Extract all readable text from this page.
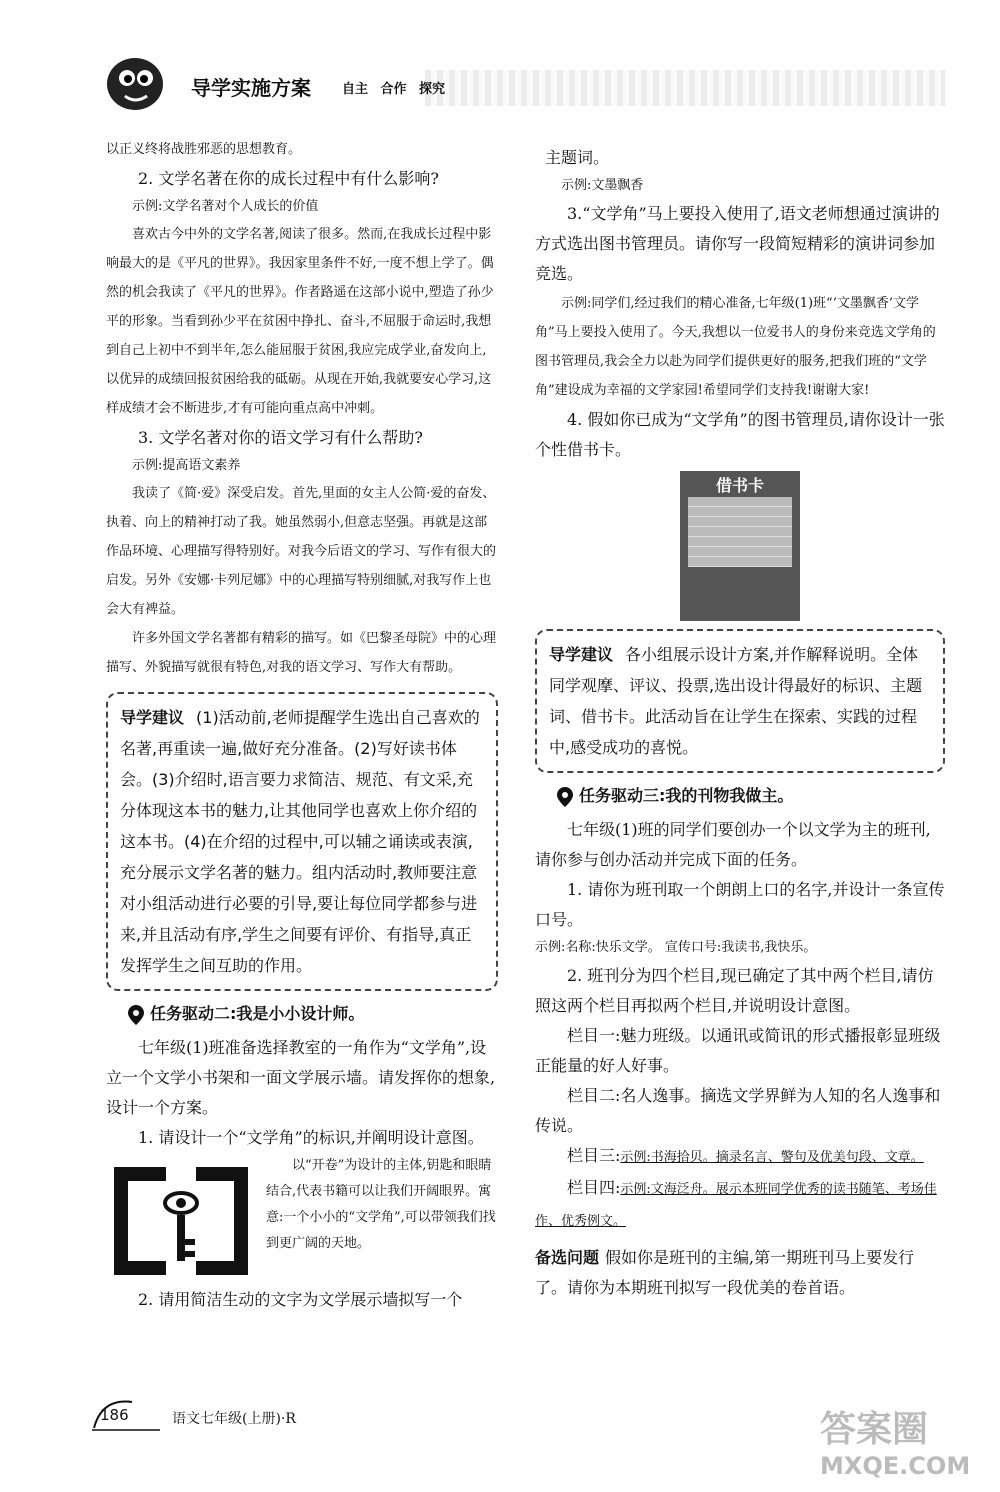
导学实施方案 自主 合作 探究

以正义终将战胜邪恶的思想教育。

2. 文学名著在你的成长过程中有什么影响?

示例:文学名著对个人成长的价值

喜欢古今中外的文学名著,阅读了很多。然而,在我成长过程中影响最大的是《平凡的世界》。我因家里条件不好,一度不想上学了。偶然的机会我读了《平凡的世界》。作者路遥在这部小说中,塑造了孙少平的形象。当看到孙少平在贫困中挣扎、奋斗,不屈服于命运时,我想到自己上初中不到半年,怎么能屈服于贫困,我应完成学业,奋发向上,以优异的成绩回报贫困给我的砥砺。从现在开始,我就要安心学习,这样成绩才会不断进步,才有可能向重点高中冲刺。

3. 文学名著对你的语文学习有什么帮助?

示例:提高语文素养

我读了《简·爱》深受启发。首先,里面的女主人公简·爱的奋发、执着、向上的精神打动了我。她虽然弱小,但意志坚强。再就是这部作品环境、心理描写得特别好。对我今后语文的学习、写作有很大的启发。另外《安娜·卡列尼娜》中的心理描写特别细腻,对我写作上也会大有裨益。

许多外国文学名著都有精彩的描写。如《巴黎圣母院》中的心理描写、外貌描写就很有特色,对我的语文学习、写作大有帮助。

导学建议 (1)活动前,老师提醒学生选出自己喜欢的名著,再重读一遍,做好充分准备。(2)写好读书体会。(3)介绍时,语言要力求简洁、规范、有文采,充分体现这本书的魅力,让其他同学也喜欢上你介绍的这本书。(4)在介绍的过程中,可以辅之诵读或表演,充分展示文学名著的魅力。组内活动时,教师要注意对小组活动进行必要的引导,要让每位同学都参与进来,并且活动有序,学生之间要有评价、有指导,真正发挥学生之间互助的作用。
任务驱动二:我是小小设计师。

七年级(1)班准备选择教室的一角作为“文学角”,设立一个文学小书架和一面文学展示墙。请发挥你的想象,设计一个方案。

1. 请设计一个“文学角”的标识,并阐明设计意图。

以“开卷”为设计的主体,钥匙和眼睛结合,代表书籍可以让我们开阔眼界。寓意:一个小小的“文学角”,可以带领我们找到更广阔的天地。

2. 请用简洁生动的文字为文学展示墙拟写一个

主题词。

示例:文墨飘香

3.“文学角”马上要投入使用了,语文老师想通过演讲的方式选出图书管理员。请你写一段简短精彩的演讲词参加竞选。

示例:同学们,经过我们的精心准备,七年级(1)班“‘文墨飘香’文学角”马上要投入使用了。今天,我想以一位爱书人的身份来竞选文学角的图书管理员,我会全力以赴为同学们提供更好的服务,把我们班的“文学角”建设成为幸福的文学家园!希望同学们支持我!谢谢大家!

4. 假如你已成为“文学角”的图书管理员,请你设计一张个性借书卡。

借书卡
导学建议 各小组展示设计方案,并作解释说明。全体同学观摩、评议、投票,选出设计得最好的标识、主题词、借书卡。此活动旨在让学生在探索、实践的过程中,感受成功的喜悦。
任务驱动三:我的刊物我做主。

七年级(1)班的同学们要创办一个以文学为主的班刊,请你参与创办活动并完成下面的任务。

1. 请你为班刊取一个朗朗上口的名字,并设计一条宣传口号。

示例:名称:快乐文学。 宣传口号:我读书,我快乐。

2. 班刊分为四个栏目,现已确定了其中两个栏目,请仿照这两个栏目再拟两个栏目,并说明设计意图。

栏目一:魅力班级。以通讯或简讯的形式播报彰显班级正能量的好人好事。

栏目二:名人逸事。摘选文学界鲜为人知的名人逸事和传说。

栏目三:示例:书海拾贝。摘录名言、警句及优美句段、文章。

栏目四:示例:文海泛舟。展示本班同学优秀的读书随笔、考场佳作、优秀例文。

备选问题 假如你是班刊的主编,第一期班刊马上要发行了。请你为本期班刊拟写一段优美的卷首语。

186	语文七年级(上册)·R	答案圈
MXQE.COM
